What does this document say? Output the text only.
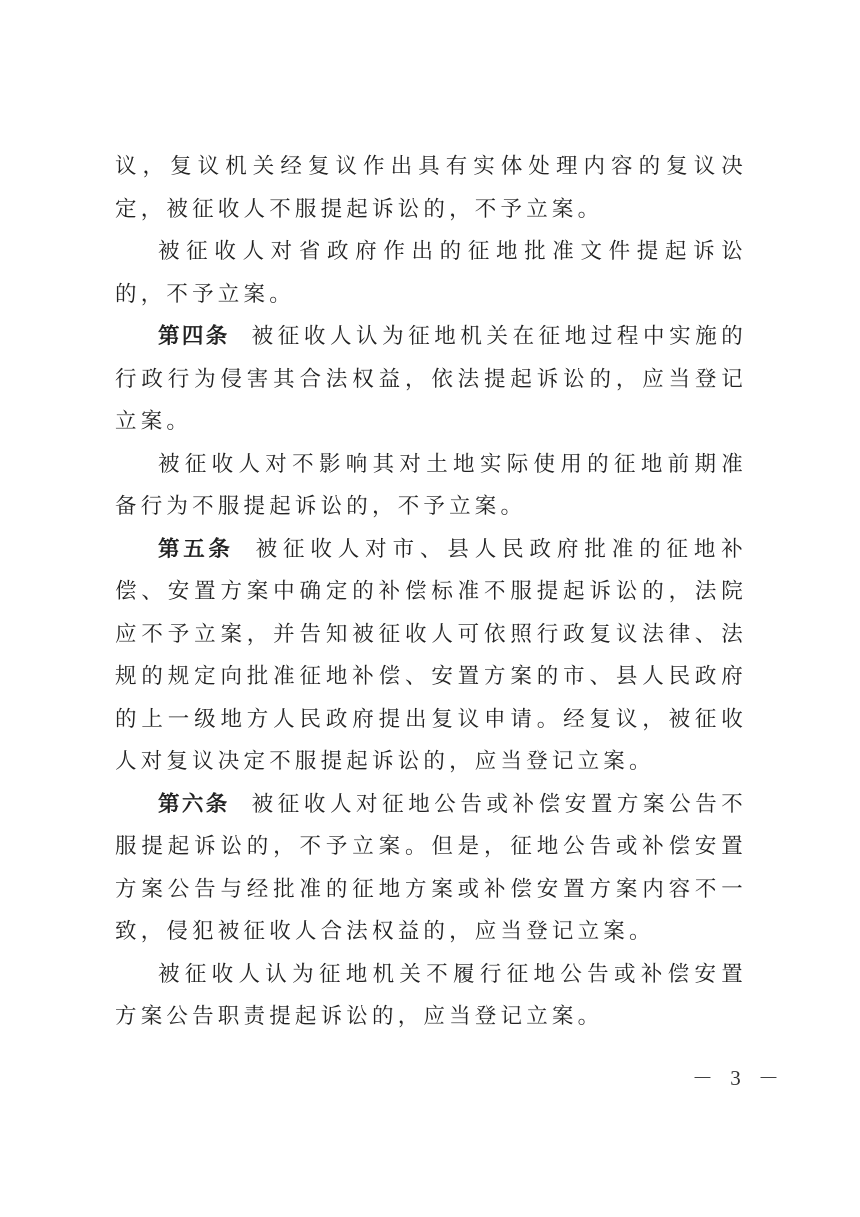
议，复议机关经复议作出具有实体处理内容的复议决定，被征收人不服提起诉讼的，不予立案。

被征收人对省政府作出的征地批准文件提起诉讼的，不予立案。

第四条 被征收人认为征地机关在征地过程中实施的行政行为侵害其合法权益，依法提起诉讼的，应当登记立案。

被征收人对不影响其对土地实际使用的征地前期准备行为不服提起诉讼的，不予立案。

第五条 被征收人对市、县人民政府批准的征地补偿、安置方案中确定的补偿标准不服提起诉讼的，法院应不予立案，并告知被征收人可依照行政复议法律、法规的规定向批准征地补偿、安置方案的市、县人民政府的上一级地方人民政府提出复议申请。经复议，被征收人对复议决定不服提起诉讼的，应当登记立案。

第六条 被征收人对征地公告或补偿安置方案公告不服提起诉讼的，不予立案。但是，征地公告或补偿安置方案公告与经批准的征地方案或补偿安置方案内容不一致，侵犯被征收人合法权益的，应当登记立案。

被征收人认为征地机关不履行征地公告或补偿安置方案公告职责提起诉讼的，应当登记立案。

－ 3 －
